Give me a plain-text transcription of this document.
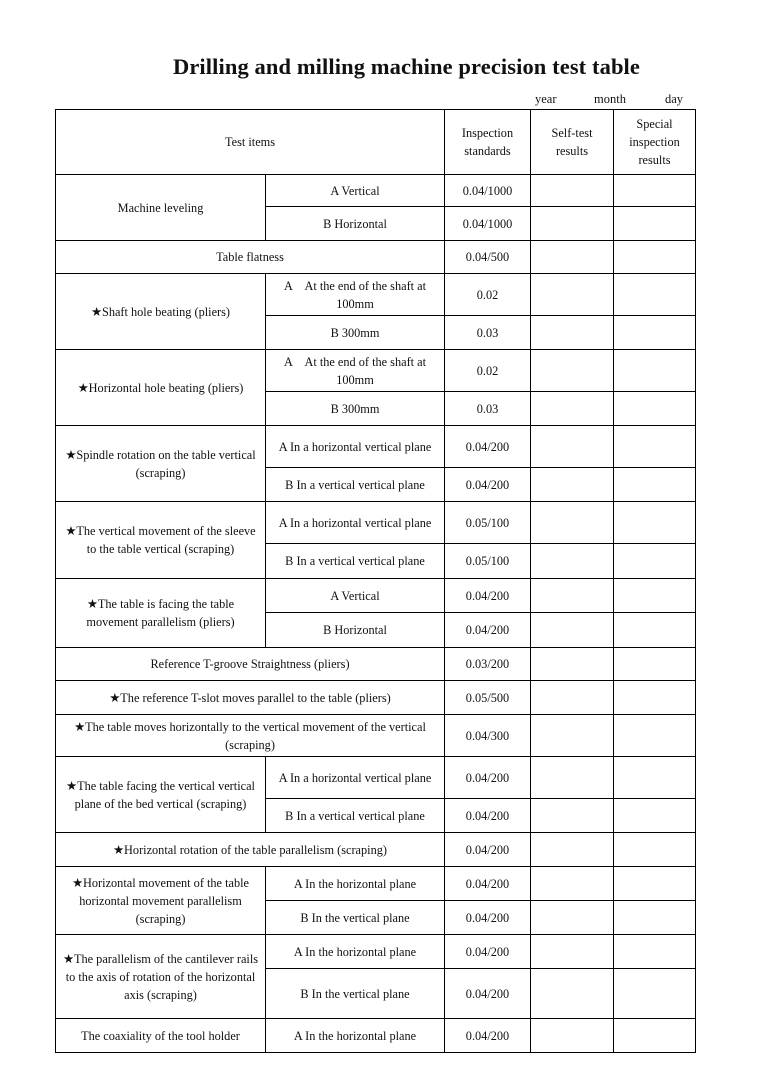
Drilling and milling machine precision test table
year	month	day
Test items		Inspection standards	Self-test results	Special inspection results
Machine leveling	A Vertical	0.04/1000		
	B Horizontal	0.04/1000		
Table flatness		0.04/500		
★Shaft hole beating (pliers)	A　At the end of the shaft at 100mm	0.02		
	B 300mm	0.03		
★Horizontal hole beating (pliers)	A　At the end of the shaft at 100mm	0.02		
	B 300mm	0.03		
★Spindle rotation on the table vertical (scraping)	A In a horizontal vertical plane	0.04/200		
	B In a vertical vertical plane	0.04/200		
★The vertical movement of the sleeve to the table vertical (scraping)	A In a horizontal vertical plane	0.05/100		
	B In a vertical vertical plane	0.05/100		
★The table is facing the table movement parallelism (pliers)	A Vertical	0.04/200		
	B Horizontal	0.04/200		
Reference T-groove Straightness (pliers)		0.03/200		
★The reference T-slot moves parallel to the table (pliers)		0.05/500		
★The table moves horizontally to the vertical movement of the vertical (scraping)		0.04/300		
★The table facing the vertical vertical plane of the bed vertical (scraping)	A In a horizontal vertical plane	0.04/200		
	B In a vertical vertical plane	0.04/200		
★Horizontal rotation of the table parallelism (scraping)		0.04/200		
★Horizontal movement of the table horizontal movement parallelism (scraping)	A In the horizontal plane	0.04/200		
	B In the vertical plane	0.04/200		
★The parallelism of the cantilever rails to the axis of rotation of the horizontal axis (scraping)	A In the horizontal plane	0.04/200		
	B In the vertical plane	0.04/200		
The coaxiality of the tool holder	A In the horizontal plane	0.04/200		
